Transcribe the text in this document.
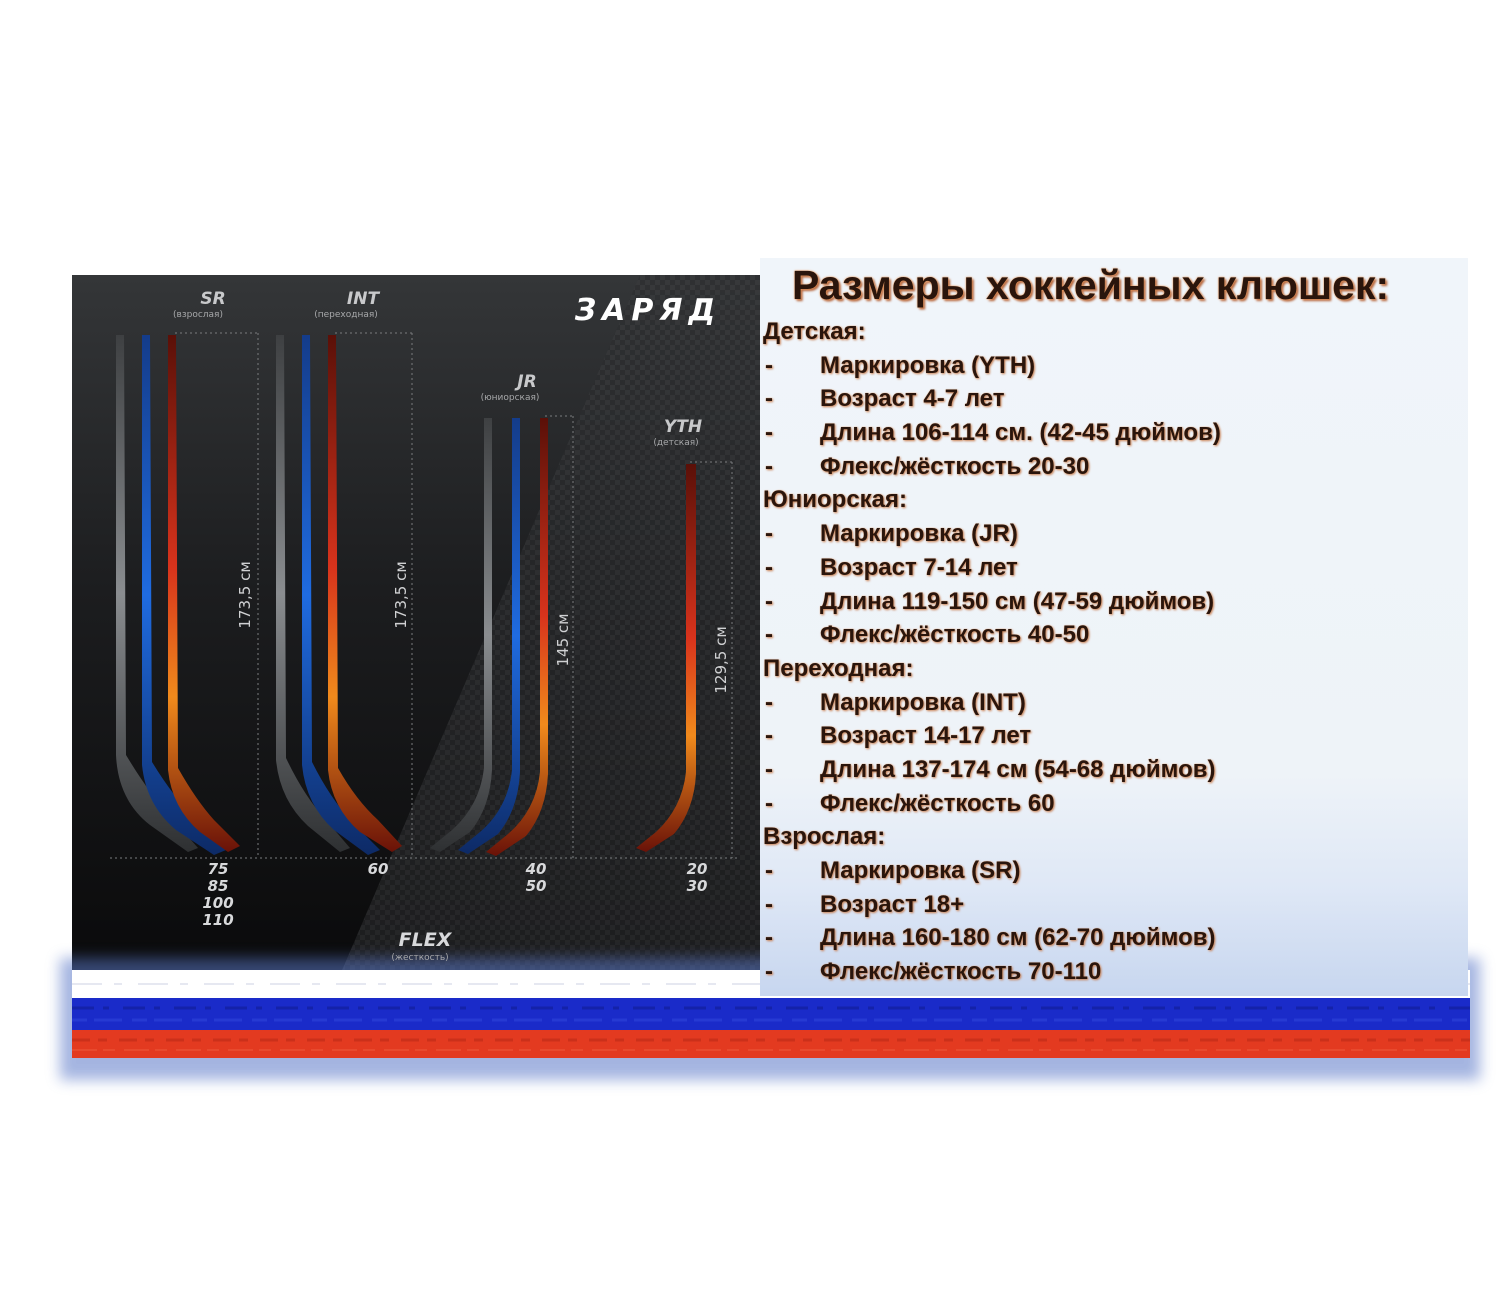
ЗАРЯД
SR
(взрослая)
INT
(переходная)
JR
(юниорская)
YTH
(детская)
173,5 см	173,5 см
145 см	129,5 см
75
85
100
110
60	40
50
20
30
FLEX
(жесткость)
Размеры хоккейных клюшек:
Детская:
- Маркировка (YTH)
- Возраст 4-7 лет
- Длина 106-114 см. (42-45 дюймов)
- Флекс/жёсткость 20-30
Юниорская:
- Маркировка (JR)
- Возраст 7-14 лет
- Длина 119-150 см (47-59 дюймов)
- Флекс/жёсткость 40-50
Переходная:
- Маркировка (INT)
- Возраст 14-17 лет
- Длина 137-174 см (54-68 дюймов)
- Флекс/жёсткость 60
Взрослая:
- Маркировка (SR)
- Возраст 18+
- Длина 160-180 см (62-70 дюймов)
- Флекс/жёсткость 70-110
